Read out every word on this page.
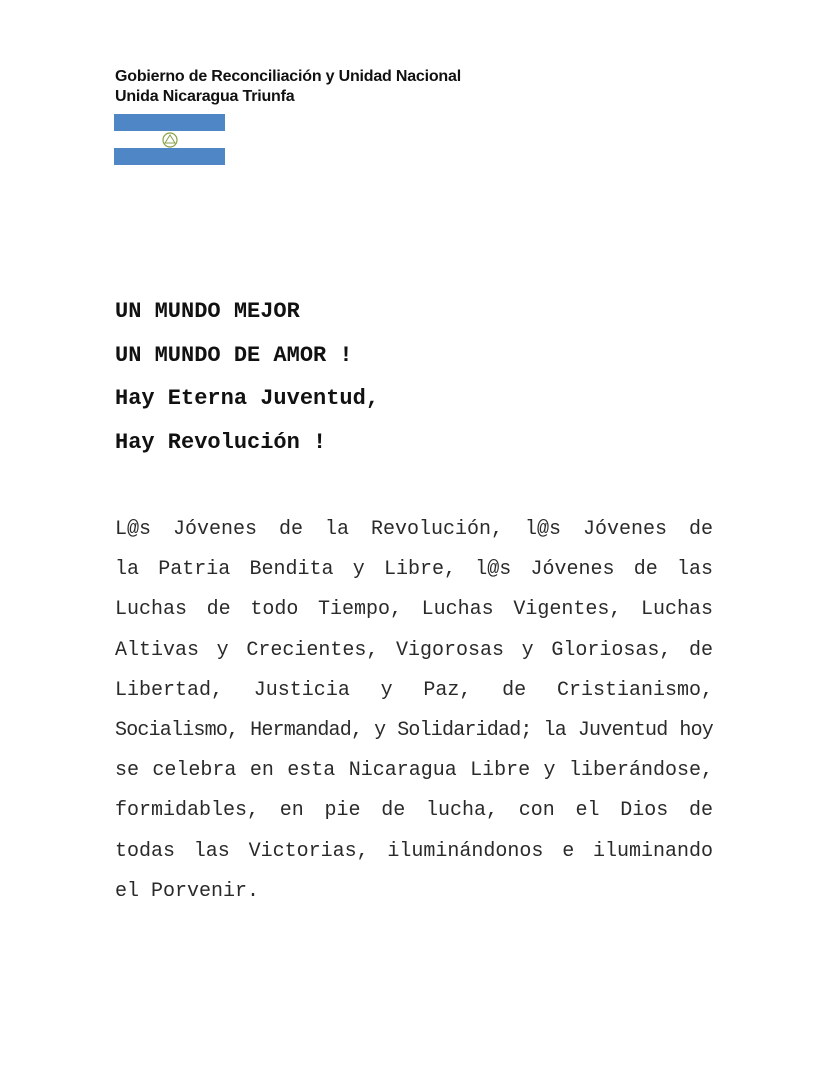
Gobierno de Reconciliación y Unidad Nacional
Unida Nicaragua Triunfa
UN MUNDO MEJOR
UN MUNDO DE AMOR !
Hay Eterna Juventud,
Hay Revolución !
L@s Jóvenes de la Revolución, l@s Jóvenes de
la Patria Bendita y Libre, l@s Jóvenes de las
Luchas de todo Tiempo, Luchas Vigentes, Luchas
Altivas y Crecientes, Vigorosas y Gloriosas, de
Libertad, Justicia y Paz, de Cristianismo,
Socialismo, Hermandad, y Solidaridad; la Juventud hoy
se celebra en esta Nicaragua Libre y liberándose,
formidables, en pie de lucha, con el Dios de
todas las Victorias, iluminándonos e iluminando
el Porvenir.
